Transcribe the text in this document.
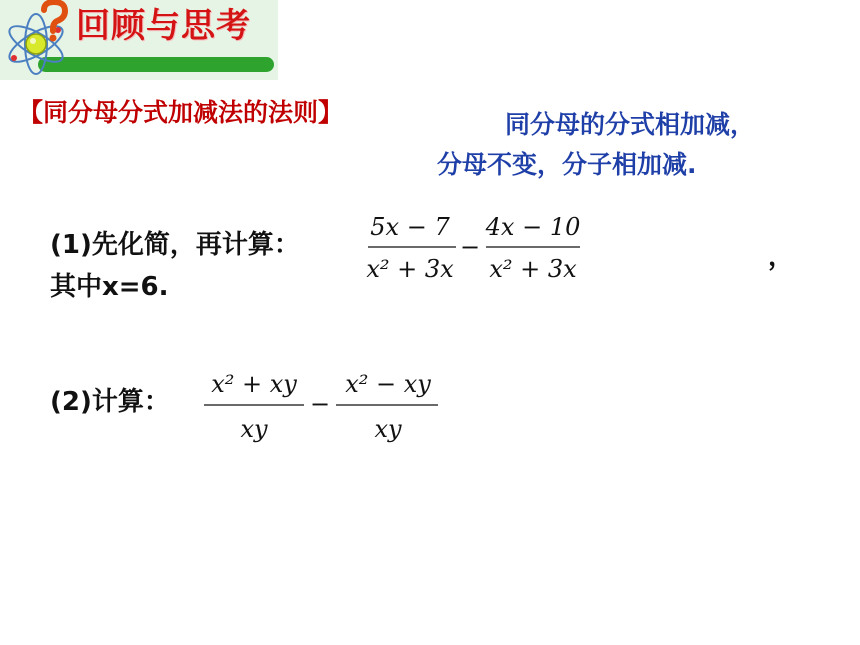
回顾与思考
【同分母分式加减法的法则】	同分母的分式相加减，
分母不变，分子相加减.
(1)先化简，再计算：
5x − 7
x² + 3x
−
4x − 10
x² + 3x	，
其中x=6.
(2)计算：
x² + xy
xy
−
x² − xy
xy
